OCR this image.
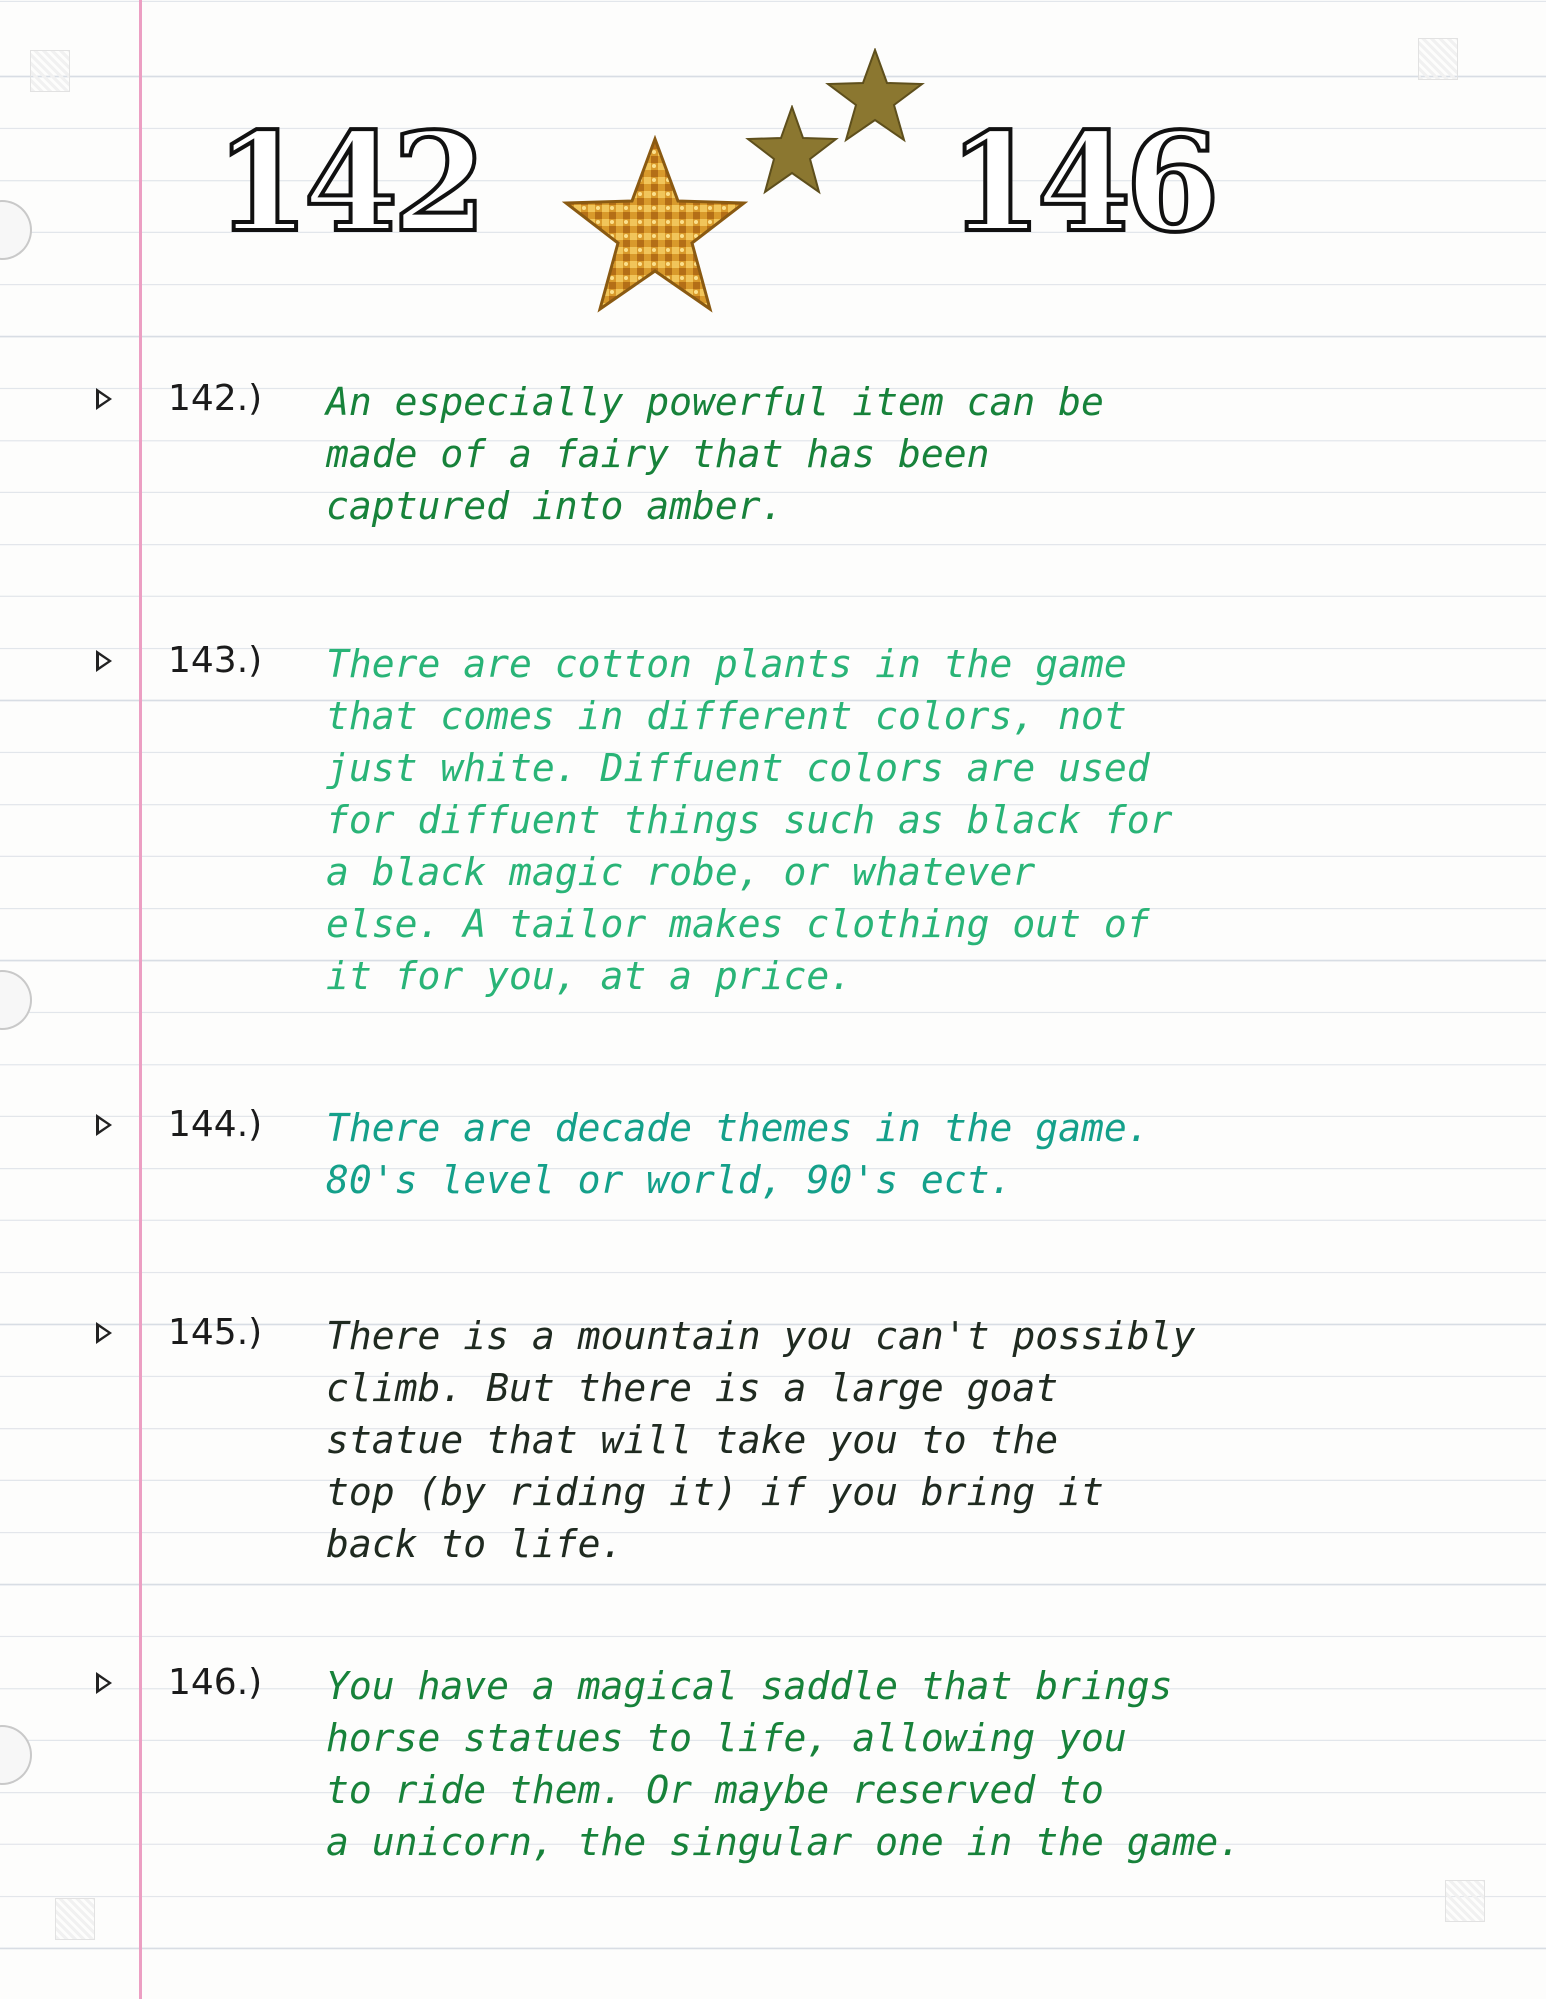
142	146
142.) An especially powerful item can be
made of a fairy that has been
captured into amber.
143.) There are cotton plants in the game
that comes in different colors, not
just white. Diffuent colors are used
for diffuent things such as black for
a black magic robe, or whatever
else. A tailor makes clothing out of
it for you, at a price.
144.) There are decade themes in the game.
80's level or world, 90's ect.
145.) There is a mountain you can't possibly
climb. But there is a large goat
statue that will take you to the
top (by riding it) if you bring it
back to life.
146.) You have a magical saddle that brings
horse statues to life, allowing you
to ride them. Or maybe reserved to
a unicorn, the singular one in the game.
